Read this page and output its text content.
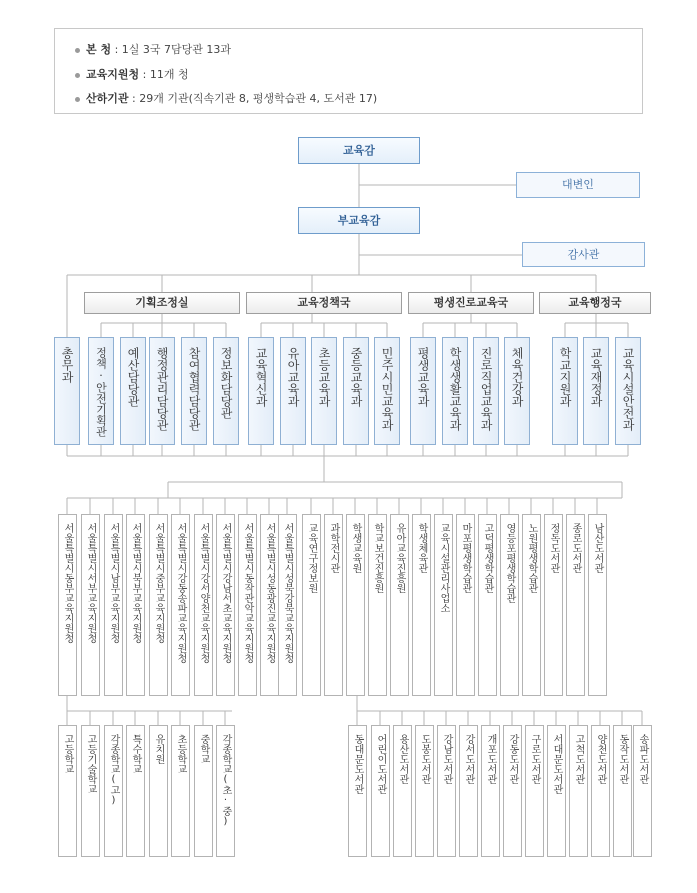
본 청 : 1실 3국 7담당관 13과
교육지원청 : 11개 청
산하기관 : 29개 기관(직속기관 8, 평생학습관 4, 도서관 17)
교육감
대변인
부교육감
감사관
기획조정실	교육정책국	평생진로교육국	교육행정국
총무과 정책·안전기획관 예산담당관 행정관리담당관 참여협력담당관 정보화담당관 교육혁신과 유아교육과 초등교육과 중등교육과 민주시민교육과 평생교육과 학생생활교육과 진로직업교육과 체육건강과	학교지원과 교육재정과 교육시설안전과
서울특별시동부교육지원청 서울특별시서부교육지원청 서울특별시남부교육지원청 서울특별시북부교육지원청 서울특별시중부교육지원청 서울특별시강동송파교육지원청 서울특별시강서양천교육지원청 서울특별시강남서초교육지원청 서울특별시동작관악교육지원청 서울특별시성동광진교육지원청 서울특별시성북강북교육지원청 교육연구정보원 과학전시관 학생교육원 학교보건진흥원 유아교육진흥원 학생체육관 교육시설관리사업소 마포평생학습관 고덕평생학습관 영등포평생학습관 노원평생학습관 정독도서관 종로도서관 남산도서관
고등학교 고등기술학교 각종학교(고) 특수학교 유치원 초등학교 중학교 각종학교(초·중)	동대문도서관 어린이도서관 용산도서관 도봉도서관 강남도서관 강서도서관 개포도서관 강동도서관 구로도서관 서대문도서관 고척도서관 양천도서관 동작도서관 송파도서관
